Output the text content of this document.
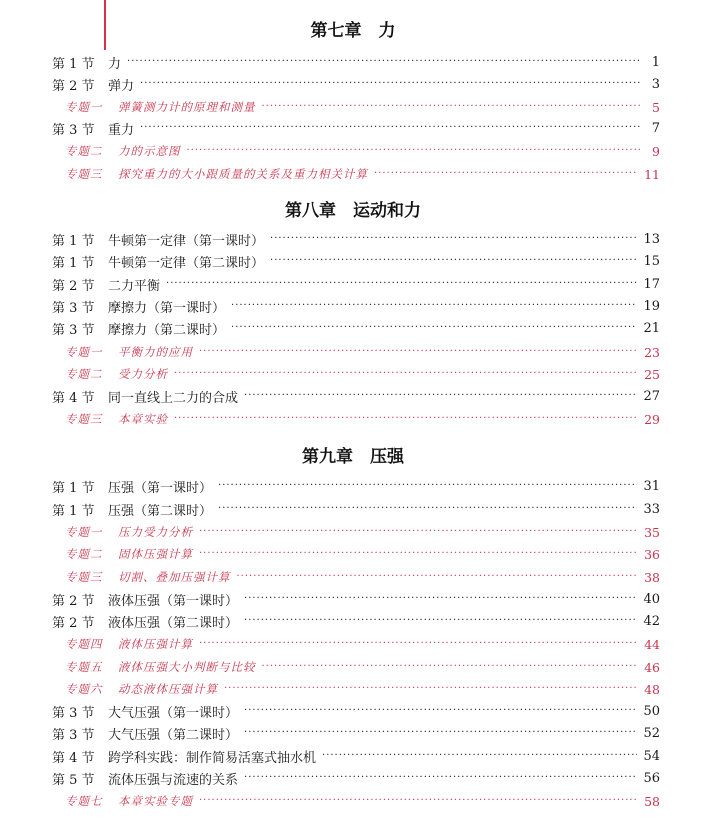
第七章　力
第 1 节	力 ·····	1
第 2 节	弹力 ·····	3
专题一	弹簧测力计的原理和测量 ·····	5
第 3 节	重力 ·····	7
专题二	力的示意图 ·····	9
专题三	探究重力的大小跟质量的关系及重力相关计算 ·····	11
第八章　运动和力
第 1 节	牛顿第一定律（第一课时） ·····	13
第 1 节	牛顿第一定律（第二课时） ·····	15
第 2 节	二力平衡 ·····	17
第 3 节	摩擦力（第一课时） ·····	19
第 3 节	摩擦力（第二课时） ·····	21
专题一	平衡力的应用 ·····	23
专题二	受力分析 ·····	25
第 4 节	同一直线上二力的合成 ·····	27
专题三	本章实验 ·····	29
第九章　压强
第 1 节	压强（第一课时） ·····	31
第 1 节	压强（第二课时） ·····	33
专题一	压力受力分析 ·····	35
专题二	固体压强计算 ·····	36
专题三	切割、叠加压强计算 ·····	38
第 2 节	液体压强（第一课时） ·····	40
第 2 节	液体压强（第二课时） ·····	42
专题四	液体压强计算 ·····	44
专题五	液体压强大小判断与比较 ·····	46
专题六	动态液体压强计算 ·····	48
第 3 节	大气压强（第一课时） ·····	50
第 3 节	大气压强（第二课时） ·····	52
第 4 节	跨学科实践：制作简易活塞式抽水机 ·····	54
第 5 节	流体压强与流速的关系 ·····	56
专题七	本章实验专题 ·····	58
